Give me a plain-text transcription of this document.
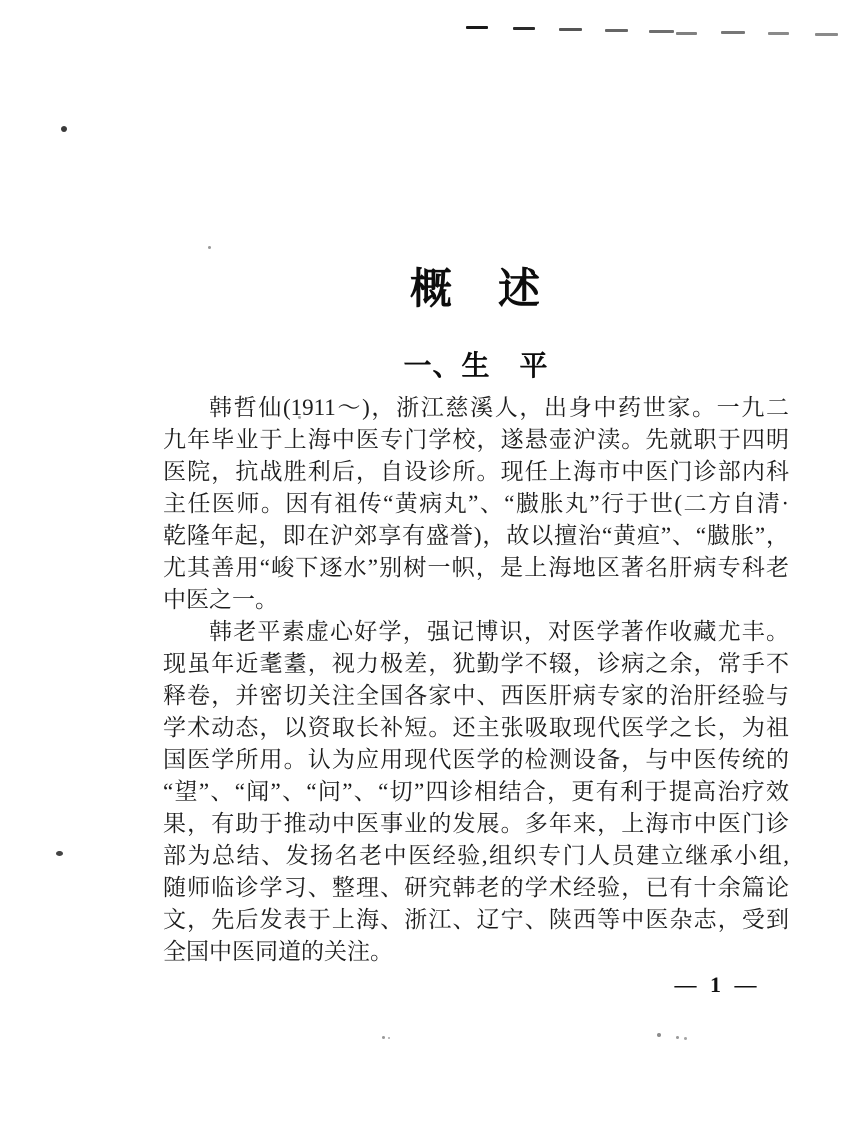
概　述
一、生　平
韩哲仙(1911～)，浙江慈溪人，出身中药世家。一九二
九年毕业于上海中医专门学校，遂悬壶沪渎。先就职于四明
医院，抗战胜利后，自设诊所。现任上海市中医门诊部内科
主任医师。因有祖传“黄病丸”、“臌胀丸”行于世(二方自清·
乾隆年起，即在沪郊享有盛誉)，故以擅治“黄疸”、“臌胀”，
尤其善用“峻下逐水”别树一帜，是上海地区著名肝病专科老
中医之一。
韩老平素虚心好学，强记博识，对医学著作收藏尤丰。
现虽年近耄耋，视力极差，犹勤学不辍，诊病之余，常手不
释卷，并密切关注全国各家中、西医肝病专家的治肝经验与
学术动态，以资取长补短。还主张吸取现代医学之长，为祖
国医学所用。认为应用现代医学的检测设备，与中医传统的
“望”、“闻”、“问”、“切”四诊相结合，更有利于提高治疗效
果，有助于推动中医事业的发展。多年来，上海市中医门诊
部为总结、发扬名老中医经验,组织专门人员建立继承小组,
随师临诊学习、整理、研究韩老的学术经验，已有十余篇论
文，先后发表于上海、浙江、辽宁、陕西等中医杂志，受到
全国中医同道的关注。
— 1 —
